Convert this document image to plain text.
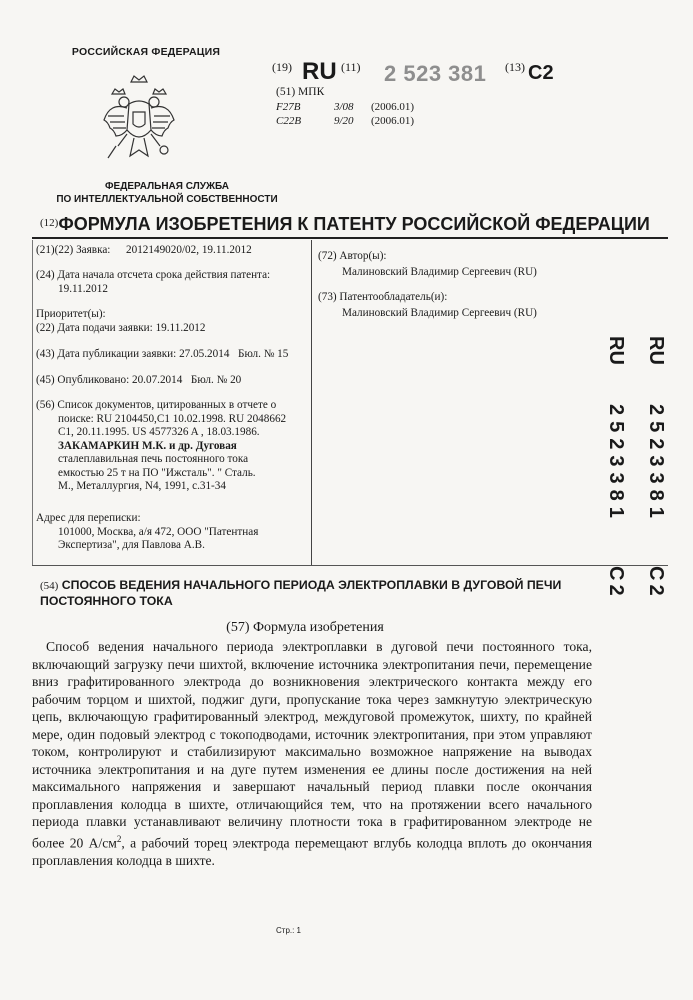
РОССИЙСКАЯ ФЕДЕРАЦИЯ
ФЕДЕРАЛЬНАЯ СЛУЖБА
ПО ИНТЕЛЛЕКТУАЛЬНОЙ СОБСТВЕННОСТИ
(19) RU (11) 2 523 381 (13) C2
(51) МПК
F27B	3/08 (2006.01)
C22B	9/20 (2006.01)
$^{(12)}$ФОРМУЛА ИЗОБРЕТЕНИЯ К ПАТЕНТУ РОССИЙСКОЙ ФЕДЕРАЦИИ
(21)(22) Заявка: 2012149020/02, 19.11.2012
(24) Дата начала отсчета срока действия патента:
19.11.2012
Приоритет(ы):
(22) Дата подачи заявки: 19.11.2012
(43) Дата публикации заявки: 27.05.2014 Бюл. № 15
(45) Опубликовано: 20.07.2014 Бюл. № 20
(56) Список документов, цитированных в отчете о
поиске: RU 2104450,C1 10.02.1998. RU 2048662
C1, 20.11.1995. US 4577326 A , 18.03.1986.
ЗАКАМАРКИН М.К. и др. Дуговая
сталеплавильная печь постоянного тока
емкостью 25 т на ПО "Ижсталь". " Сталь.
М., Металлургия, N4, 1991, с.31-34
Адрес для переписки:
101000, Москва, а/я 472, ООО "Патентная
Экспертиза", для Павлова А.В.
(72) Автор(ы):
Малиновский Владимир Сергеевич (RU)
(73) Патентообладатель(и):
Малиновский Владимир Сергеевич (RU)
RU
RU
2523381
2523381
C2
C2
(54) СПОСОБ ВЕДЕНИЯ НАЧАЛЬНОГО ПЕРИОДА ЭЛЕКТРОПЛАВКИ В ДУГОВОЙ ПЕЧИ
ПОСТОЯННОГО ТОКА
(57) Формула изобретения
Способ ведения начального периода электроплавки в дуговой печи постоянного тока, включающий загрузку печи шихтой, включение источника электропитания печи, перемещение вниз графитированного электрода до возникновения электрического контакта между его рабочим торцом и шихтой, поджиг дуги, пропускание тока через замкнутую электрическую цепь, включающую графитированный электрод, междуговой промежуток, шихту, по крайней мере, один подовый электрод с токоподводами, источник электропитания, при этом управляют током, контролируют и стабилизируют максимально возможное напряжение на выводах источника электропитания и на дуге путем изменения ее длины после достижения на ней максимального напряжения и завершают начальный период плавки после окончания проплавления колодца в шихте, отличающийся тем, что на протяжении всего начального периода плавки устанавливают величину плотности тока в графитированном электроде не более 20 $А/см^2$, а рабочий торец электрода перемещают вглубь колодца вплоть до окончания проплавления колодца в шихте.
Стр.: 1
